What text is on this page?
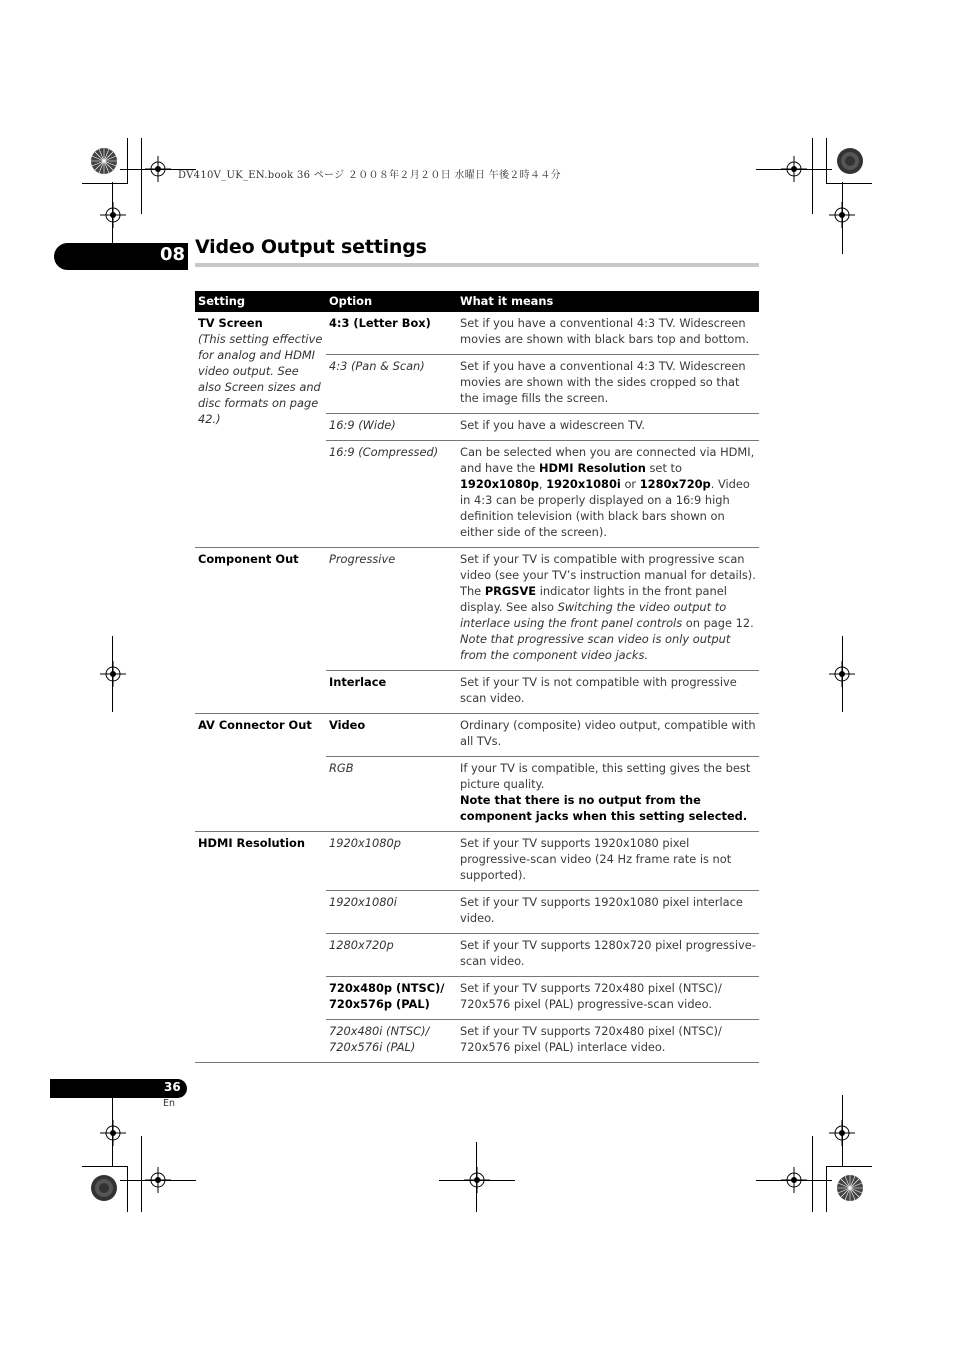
DV410V_UK_EN.book 36 ページ ２００８年２月２０日 水曜日 午後２時４４分
08 Video Output settings
Setting	Option	What it means

TV Screen
(This setting effective for analog and HDMI video output. See also Screen sizes and disc formats on page 42.)	4:3 (Letter Box)	Set if you have a conventional 4:3 TV. Widescreen movies are shown with black bars top and bottom.
	4:3 (Pan & Scan)	Set if you have a conventional 4:3 TV. Widescreen movies are shown with the sides cropped so that the image fills the screen.
	16:9 (Wide)	Set if you have a widescreen TV.
	16:9 (Compressed)	Can be selected when you are connected via HDMI, and have the HDMI Resolution set to 1920x1080p, 1920x1080i or 1280x720p. Video in 4:3 can be properly displayed on a 16:9 high definition television (with black bars shown on either side of the screen).
Component Out	Progressive	Set if your TV is compatible with progressive scan video (see your TV’s instruction manual for details). The PRGSVE indicator lights in the front panel display. See also Switching the video output to interlace using the front panel controls on page 12. Note that progressive scan video is only output from the component video jacks.
	Interlace	Set if your TV is not compatible with progressive scan video.
AV Connector Out	Video	Ordinary (composite) video output, compatible with all TVs.
	RGB	If your TV is compatible, this setting gives the best picture quality.
Note that there is no output from the component jacks when this setting selected.

HDMI Resolution	1920x1080p	Set if your TV supports 1920x1080 pixel progressive-scan video (24 Hz frame rate is not supported).
	1920x1080i	Set if your TV supports 1920x1080 pixel interlace video.
	1280x720p	Set if your TV supports 1280x720 pixel progressive-scan video.

	720x480p (NTSC)/
720x576p (PAL)	Set if your TV supports 720x480 pixel (NTSC)/ 720x576 pixel (PAL) progressive-scan video.

	720x480i (NTSC)/
720x576i (PAL)	Set if your TV supports 720x480 pixel (NTSC)/ 720x576 pixel (PAL) interlace video.
36
En
